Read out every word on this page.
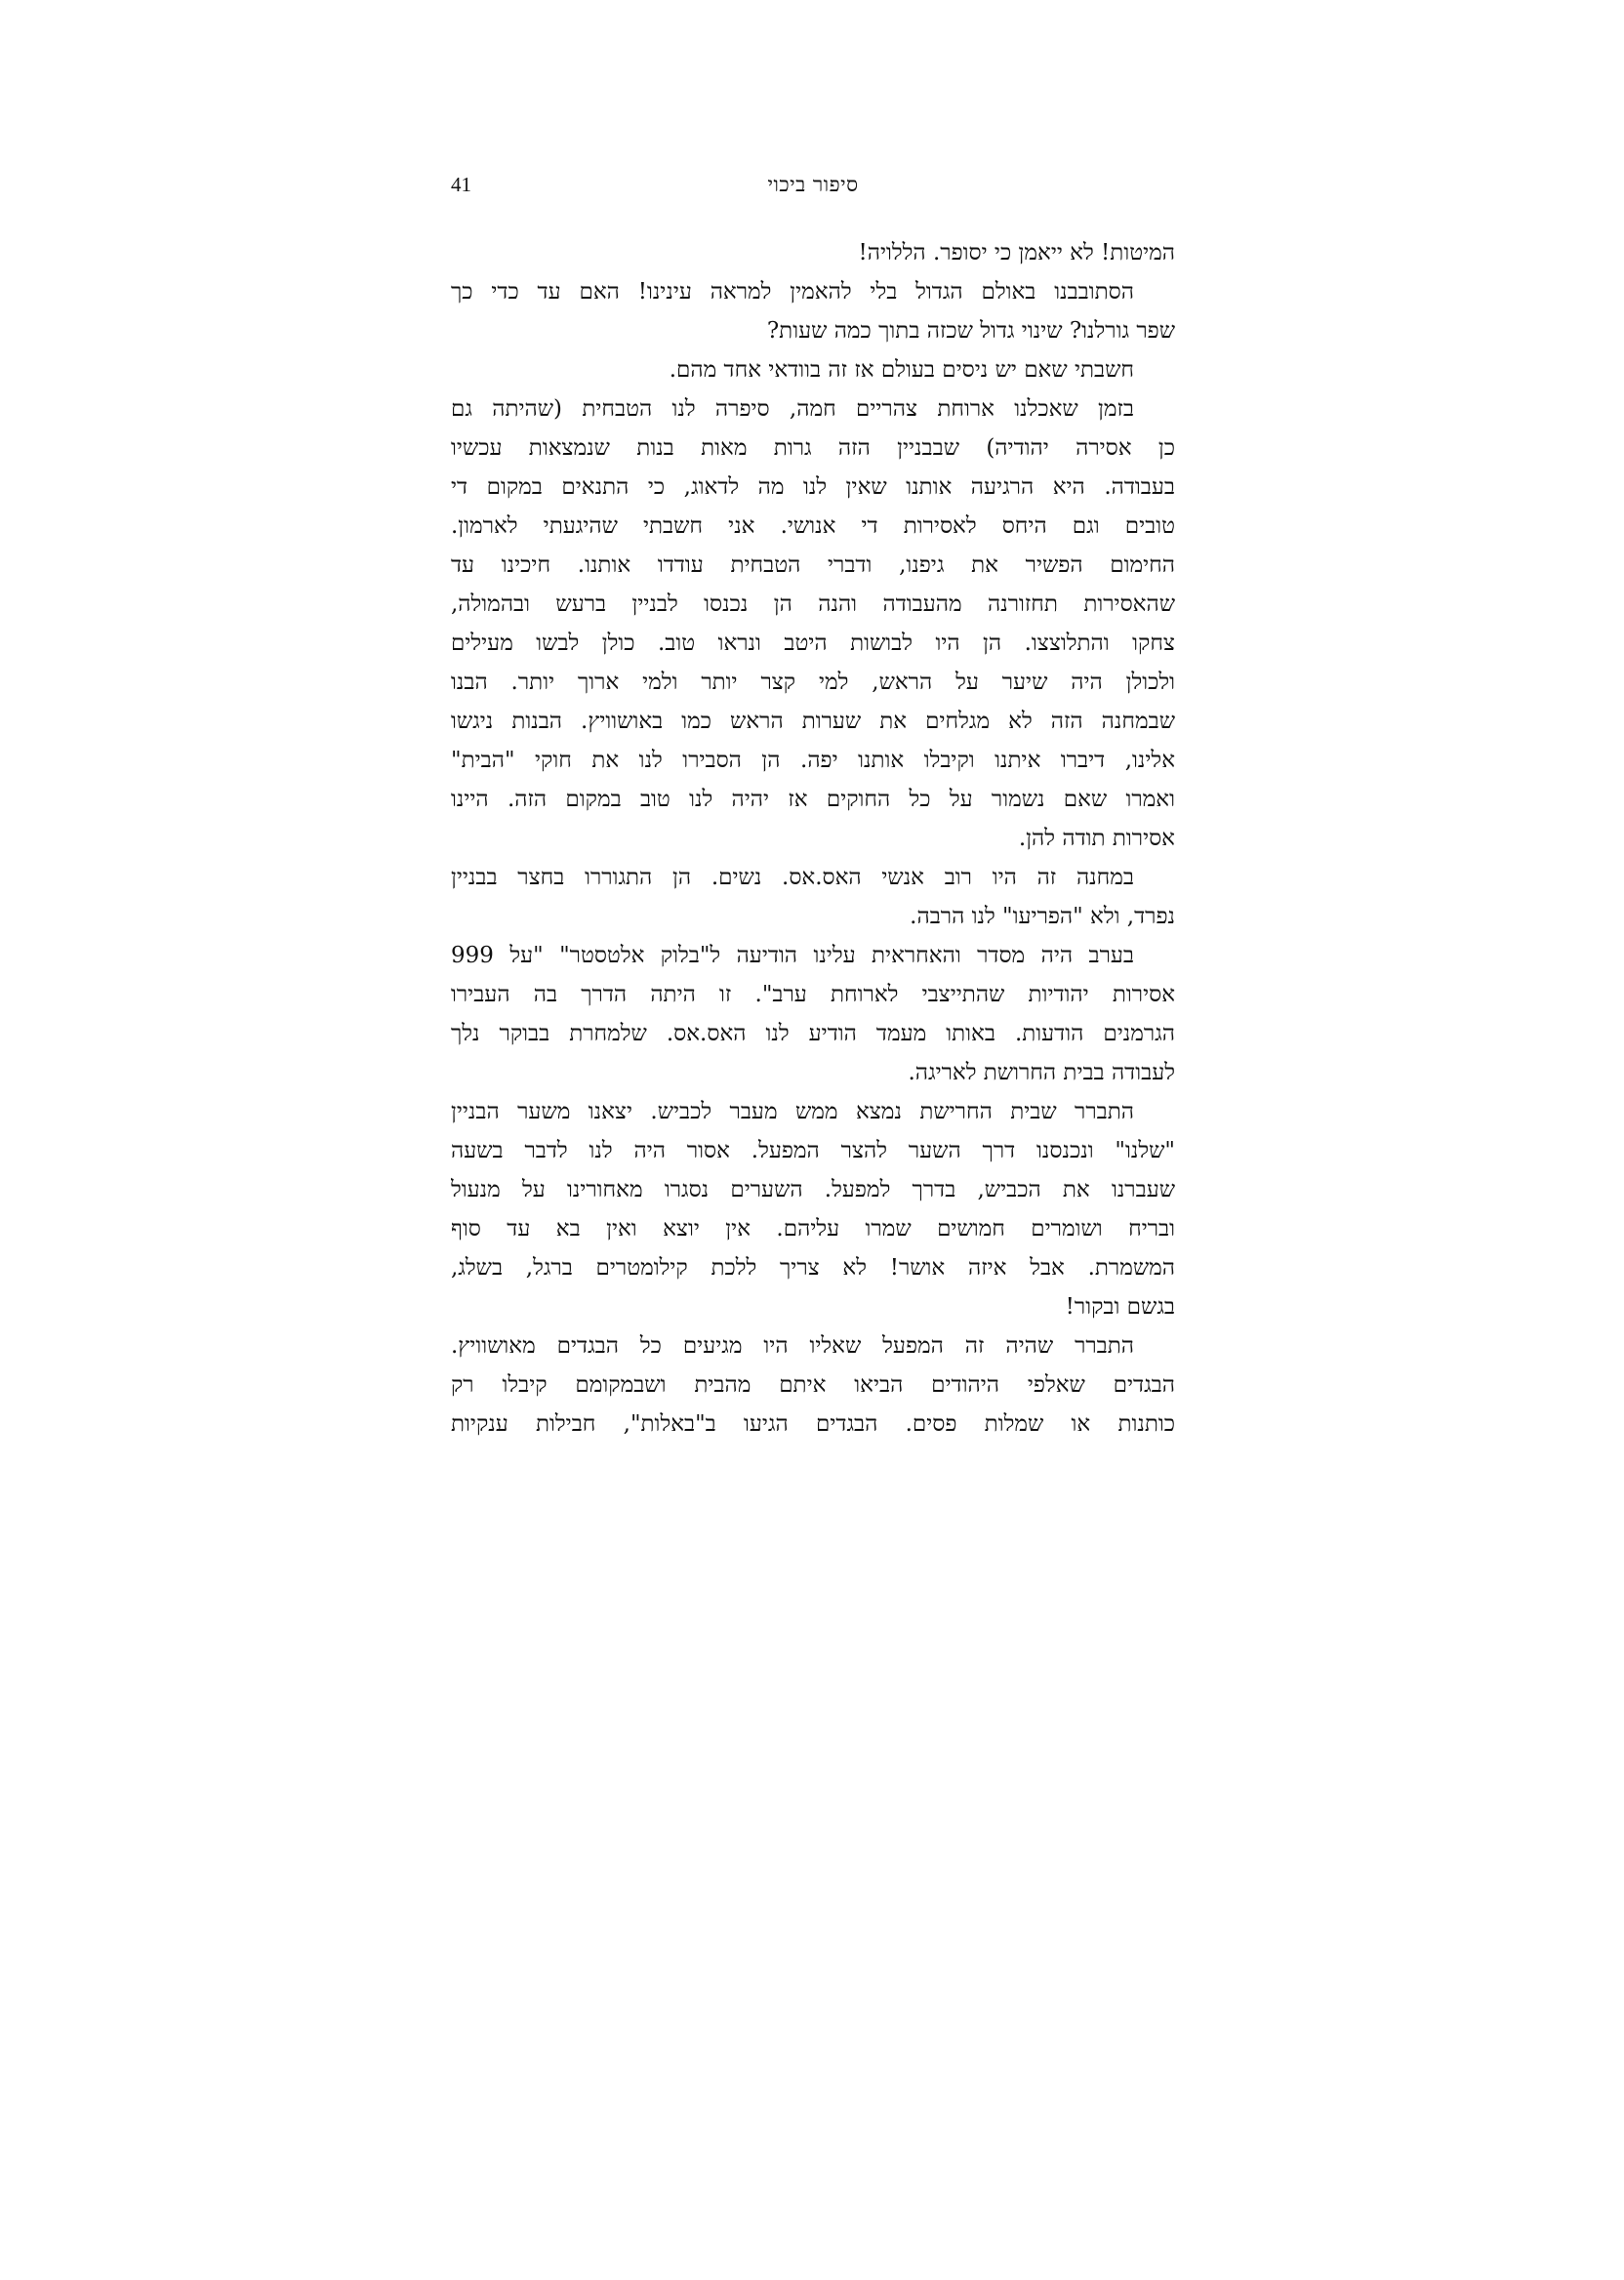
41	סיפור ביכוי
המיטות! לא ייאמן כי יסופר. הללויה!
הסתובבנו באולם הגדול בלי להאמין למראה עינינו! האם עד כדי כך
שפר גורלנו? שינוי גדול שכזה בתוך כמה שעות?
חשבתי שאם יש ניסים בעולם אז זה בוודאי אחד מהם.
בזמן שאכלנו ארוחת צהריים חמה, סיפרה לנו הטבחית (שהיתה גם
כן אסירה יהודיה) שבבניין הזה גרות מאות בנות שנמצאות עכשיו
בעבודה. היא הרגיעה אותנו שאין לנו מה לדאוג, כי התנאים במקום די
טובים וגם היחס לאסירות די אנושי. אני חשבתי שהיגעתי לארמון.
החימום הפשיר את גיפנו, ודברי הטבחית עודדו אותנו. חיכינו עד
שהאסירות תחזורנה מהעבודה והנה הן נכנסו לבניין ברעש ובהמולה,
צחקו והתלוצצו. הן היו לבושות היטב ונראו טוב. כולן לבשו מעילים
ולכולן היה שיער על הראש, למי קצר יותר ולמי ארוך יותר. הבנו
שבמחנה הזה לא מגלחים את שערות הראש כמו באושוויץ. הבנות ניגשו
אלינו, דיברו איתנו וקיבלו אותנו יפה. הן הסבירו לנו את חוקי "הבית"
ואמרו שאם נשמור על כל החוקים אז יהיה לנו טוב במקום הזה. היינו
אסירות תודה להן.
במחנה זה היו רוב אנשי האס.אס. נשים. הן התגוררו בחצר בבניין
נפרד, ולא "הפריעו" לנו הרבה.
בערב היה מסדר והאחראית עלינו הודיעה ל"בלוק אלטסטר" "על 999
אסירות יהודיות שהתייצבי לארוחת ערב". זו היתה הדרך בה העבירו
הגרמנים הודעות. באותו מעמד הודיע לנו האס.אס. שלמחרת בבוקר נלך
לעבודה בבית החרושת לאריגה.
התברר שבית החרישת נמצא ממש מעבר לכביש. יצאנו משער הבניין
"שלנו" ונכנסנו דרך השער להצר המפעל. אסור היה לנו לדבר בשעה
שעברנו את הכביש, בדרך למפעל. השערים נסגרו מאחורינו על מנעול
ובריח ושומרים חמושים שמרו עליהם. אין יוצא ואין בא עד סוף
המשמרת. אבל איזה אושר! לא צריך ללכת קילומטרים ברגל, בשלג,
בגשם ובקור!
התברר שהיה זה המפעל שאליו היו מגיעים כל הבגדים מאושוויץ.
הבגדים שאלפי היהודים הביאו איתם מהבית ושבמקומם קיבלו רק
כותנות או שמלות פסים. הבגדים הגיעו ב"באלות", חבילות ענקיות
